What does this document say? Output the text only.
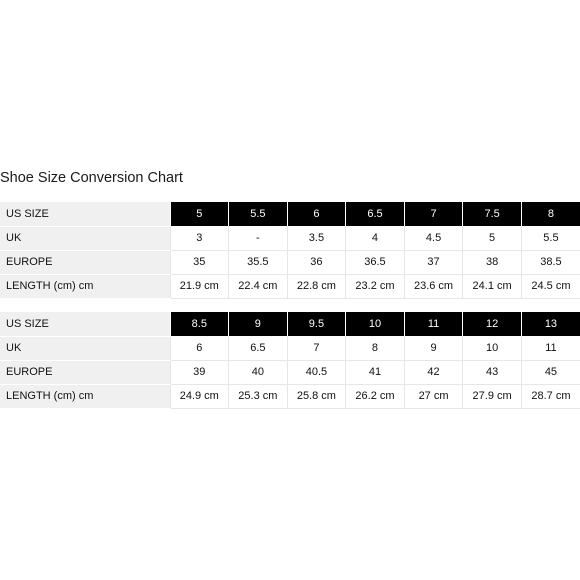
Shoe Size Conversion Chart
US SIZE	5	5.5	6	6.5	7	7.5	8
UK	3	-	3.5	4	4.5	5	5.5
EUROPE	35	35.5	36	36.5	37	38	38.5
LENGTH (cm) cm	21.9 cm	22.4 cm	22.8 cm	23.2 cm	23.6 cm	24.1 cm	24.5 cm
US SIZE	8.5	9	9.5	10	11	12	13
UK	6	6.5	7	8	9	10	11
EUROPE	39	40	40.5	41	42	43	45
LENGTH (cm) cm	24.9 cm	25.3 cm	25.8 cm	26.2 cm	27 cm	27.9 cm	28.7 cm
